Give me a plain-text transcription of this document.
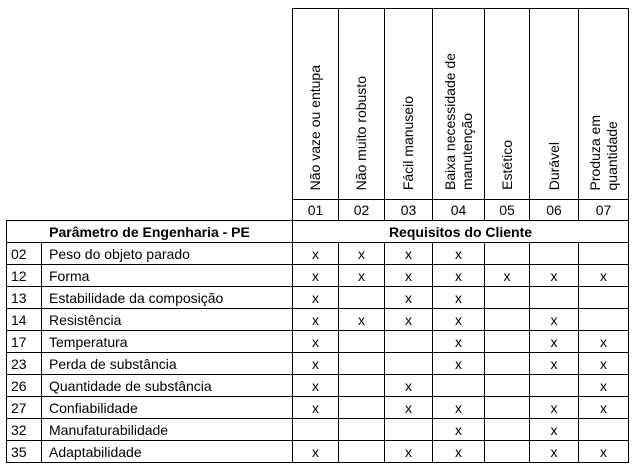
		Não vaze ou entupa	Não muito robusto	Fácil manuseio	Baixa necessidade de
manutenção	Estético	Durável	Produza em
quantidade
		01	02	03	04	05	06	07
Parâmetro de Engenharia - PE		Requisitos do Cliente						
02	Peso do objeto parado	x	x	x	x			
12	Forma	x	x	x	x	x	x	x
13	Estabilidade da composição	x		x	x			
14	Resistência	x	x	x	x		x	
17	Temperatura	x			x		x	x
23	Perda de substância	x			x		x	x
26	Quantidade de substância	x		x				x
27	Confiabilidade	x		x	x		x	x
32	Manufaturabilidade				x		x	
35	Adaptabilidade	x		x	x		x	x
